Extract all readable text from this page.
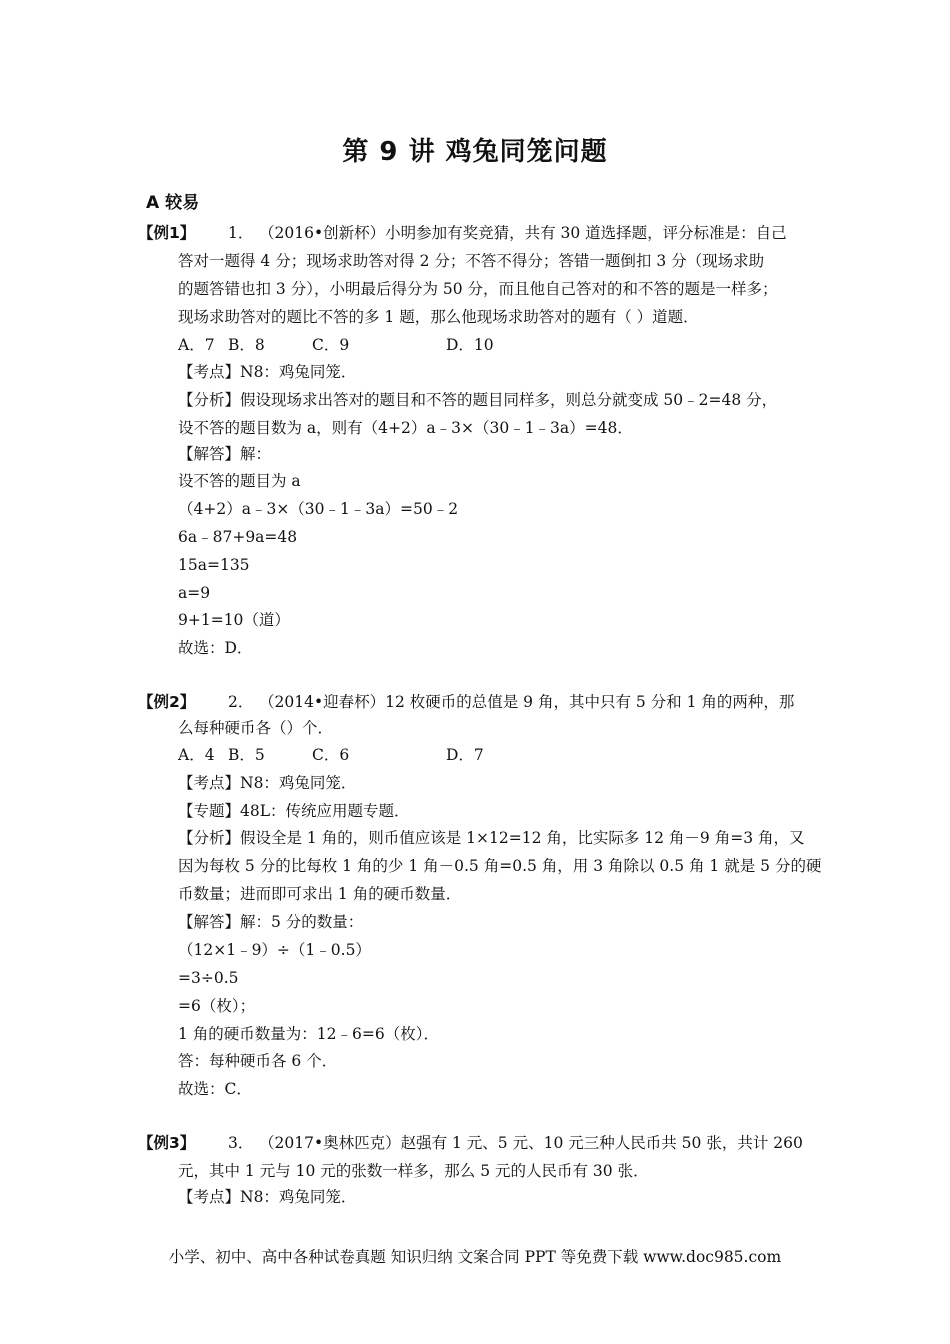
第 9 讲 鸡兔同笼问题
A 较易
【例1】 1． （2016•创新杯）小明参加有奖竞猜，共有 30 道选择题，评分标准是：自己
答对一题得 4 分；现场求助答对得 2 分；不答不得分；答错一题倒扣 3 分（现场求助
的题答错也扣 3 分），小明最后得分为 50 分，而且他自己答对的和不答的题是一样多；
现场求助答对的题比不答的多 1 题，那么他现场求助答对的题有（ ）道题．
A．7 B．8	C．9	D．10
【考点】N8：鸡兔同笼．
【分析】假设现场求出答对的题目和不答的题目同样多，则总分就变成 50﹣2=48 分，
设不答的题目数为 a，则有（4+2）a﹣3×（30﹣1﹣3a）=48．
【解答】解：
设不答的题目为 a
（4+2）a﹣3×（30﹣1﹣3a）=50﹣2
6a﹣87+9a=48
15a=135
a=9
9+1=10（道）
故选：D．
【例2】 2． （2014•迎春杯）12 枚硬币的总值是 9 角，其中只有 5 分和 1 角的两种，那
么每种硬币各（）个．
A．4 B．5	C．6	D．7
【考点】N8：鸡兔同笼．
【专题】48L：传统应用题专题．
【分析】假设全是 1 角的，则币值应该是 1×12=12 角，比实际多 12 角－9 角=3 角，又
因为每枚 5 分的比每枚 1 角的少 1 角－0.5 角=0.5 角，用 3 角除以 0.5 角 1 就是 5 分的硬
币数量；进而即可求出 1 角的硬币数量．
【解答】解：5 分的数量：
（12×1﹣9）÷（1﹣0.5）
=3÷0.5
=6（枚）；
1 角的硬币数量为：12﹣6=6（枚）．
答：每种硬币各 6 个．
故选：C．
【例3】 3． （2017•奥林匹克）赵强有 1 元、5 元、10 元三种人民币共 50 张，共计 260
元，其中 1 元与 10 元的张数一样多，那么 5 元的人民币有 30 张．
【考点】N8：鸡兔同笼．
小学、初中、高中各种试卷真题 知识归纳 文案合同 PPT 等免费下载 www.doc985.com
